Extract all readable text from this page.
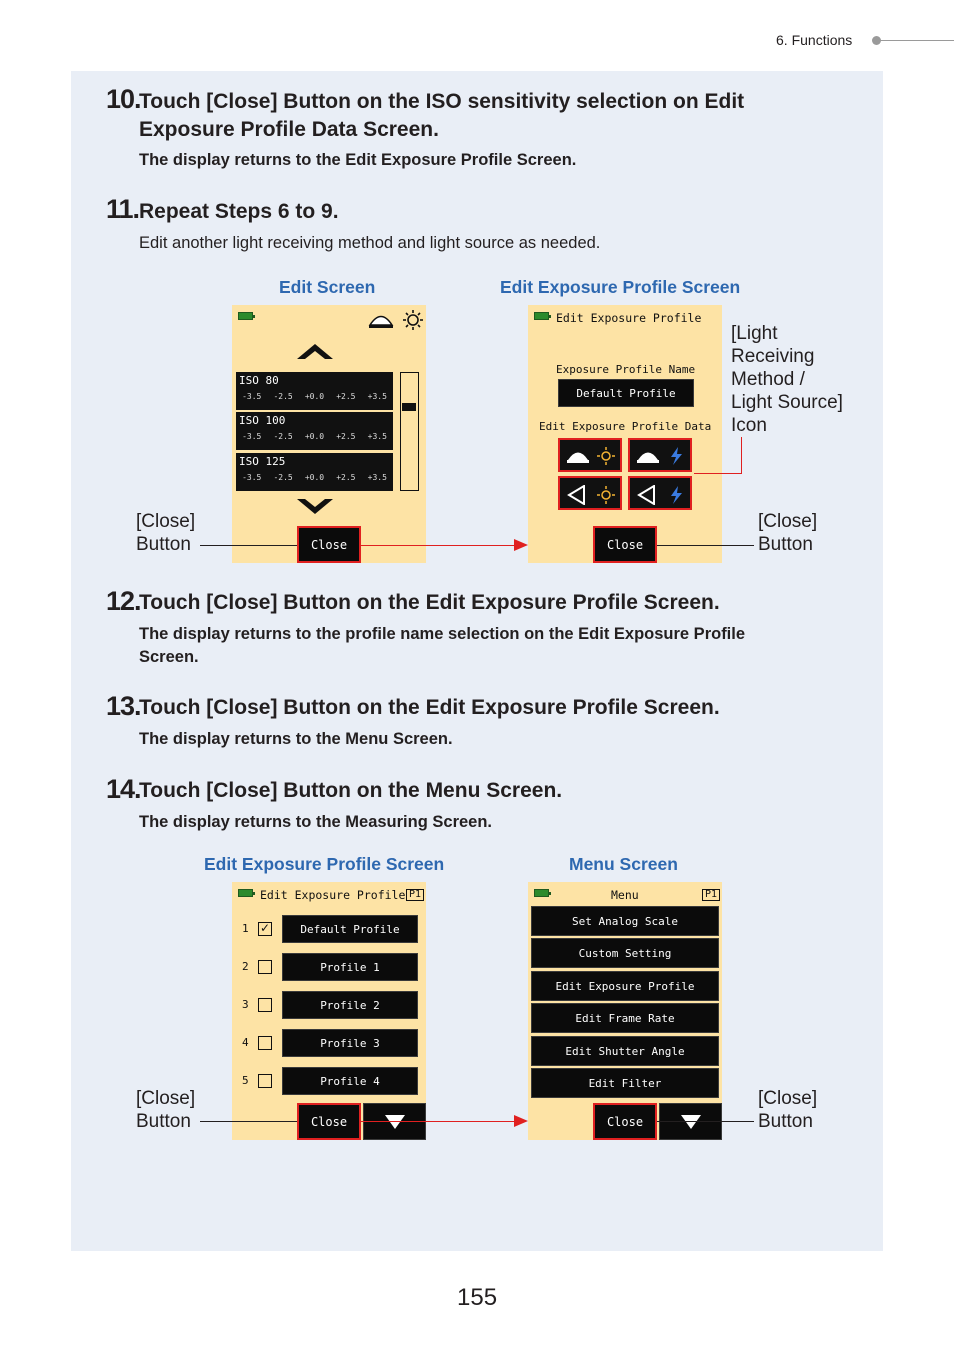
6. Functions
10.
Touch [Close] Button on the ISO sensitivity selection on Edit
Exposure Profile Data Screen.
The display returns to the Edit Exposure Profile Screen.
11. Repeat Steps 6 to 9.
Edit another light receiving method and light source as needed.
Edit Screen	Edit Exposure Profile Screen
ISO 80
-3.5 -2.5 +0.0 +2.5 +3.5
ISO 100
-3.5 -2.5 +0.0 +2.5 +3.5
ISO 125
-3.5 -2.5 +0.0 +2.5 +3.5
Close
Edit Exposure Profile
Exposure Profile Name
Default Profile
Edit Exposure Profile Data
Close
[Close]
Button
[Close]
Button
[Light
Receiving
Method /
Light Source]
Icon
12.
Touch [Close] Button on the Edit Exposure Profile Screen.
The display returns to the profile name selection on the Edit Exposure Profile
Screen.
13.
Touch [Close] Button on the Edit Exposure Profile Screen.
The display returns to the Menu Screen.
14.
Touch [Close] Button on the Menu Screen.
The display returns to the Measuring Screen.
Edit Exposure Profile Screen	Menu Screen
Edit Exposure Profile P1
1 ✓	Default Profile
2	Profile 1
3	Profile 2
4	Profile 3
5	Profile 4
Close
Menu	P1
Set Analog Scale
Custom Setting
Edit Exposure Profile
Edit Frame Rate
Edit Shutter Angle
Edit Filter
Close
[Close]
Button
[Close]
Button
155
